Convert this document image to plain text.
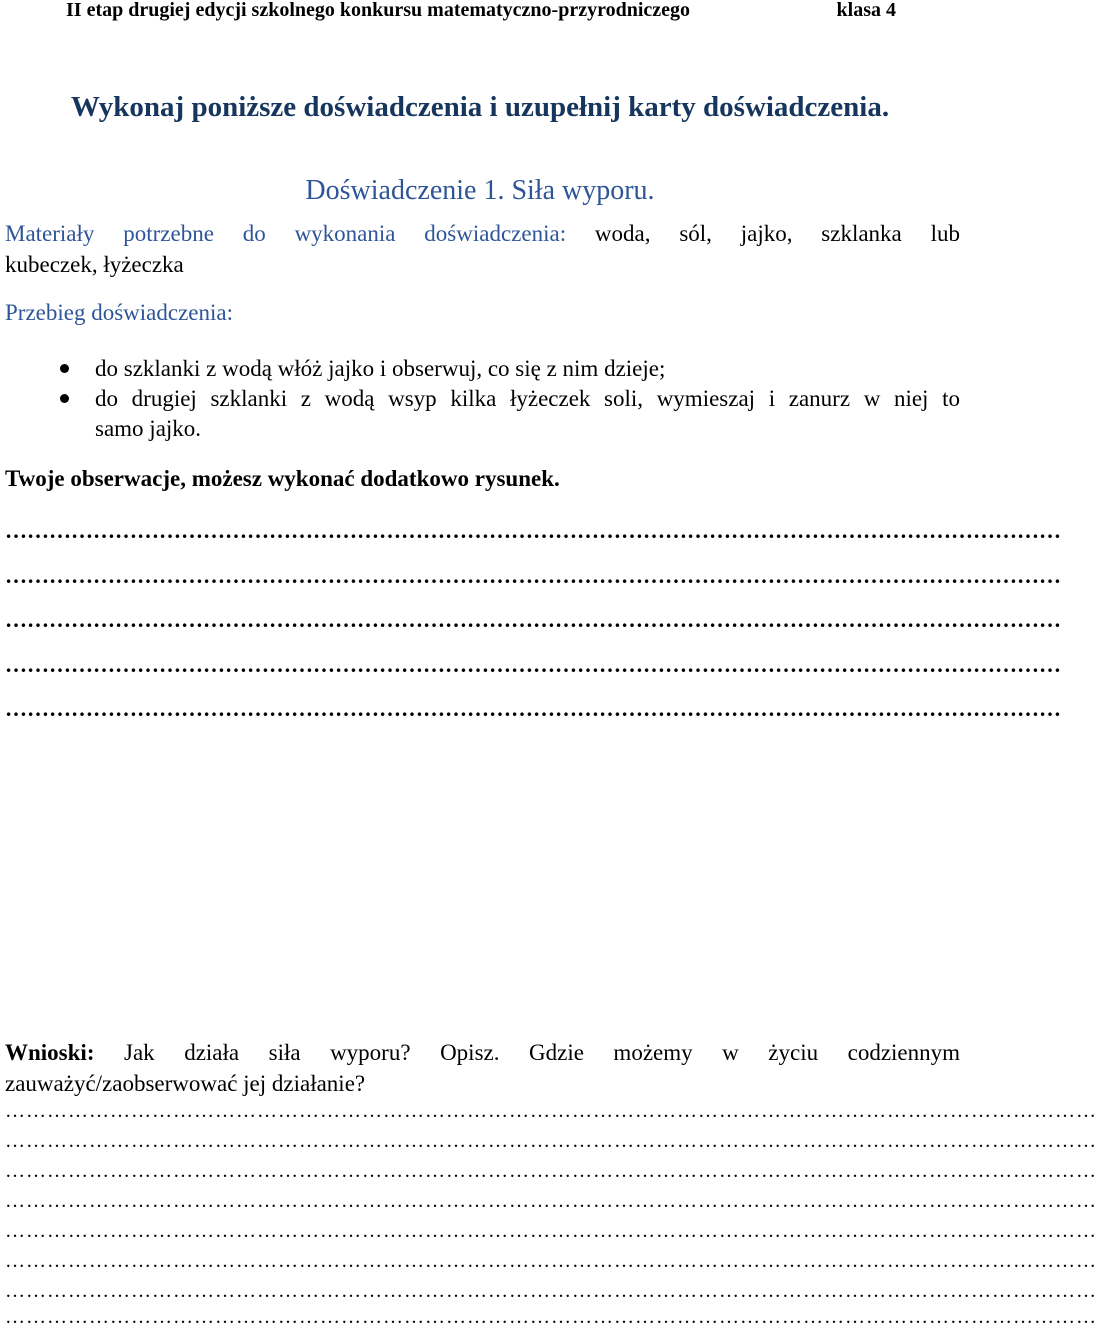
II etap drugiej edycji szkolnego konkursu matematyczno-przyrodniczego	klasa 4
Wykonaj poniższe doświadczenia i uzupełnij karty doświadczenia.
Doświadczenie 1. Siła wyporu.
Materiały potrzebne do wykonania doświadczenia: woda, sól, jajko, szklanka lub
kubeczek, łyżeczka
Przebieg doświadczenia:
do szklanki z wodą włóż jajko i obserwuj, co się z nim dzieje;
do drugiej szklanki z wodą wsyp kilka łyżeczek soli, wymieszaj i zanurz w niej to
samo jajko.
Twoje obserwacje, możesz wykonać dodatkowo rysunek.
………………………………………………………………………………………………………………………………
………………………………………………………………………………………………………………………………
………………………………………………………………………………………………………………………………
………………………………………………………………………………………………………………………………
………………………………………………………………………………………………………………………………
Wnioski: Jak działa siła wyporu? Opisz. Gdzie możemy w życiu codziennym
zauważyć/zaobserwować jej działanie?
…………………………………………………………………………………………………………………………………………
…………………………………………………………………………………………………………………………………………
…………………………………………………………………………………………………………………………………………
…………………………………………………………………………………………………………………………………………
…………………………………………………………………………………………………………………………………………
…………………………………………………………………………………………………………………………………………
…………………………………………………………………………………………………………………………………………
…………………………………………………………………………………………………………………………………………
